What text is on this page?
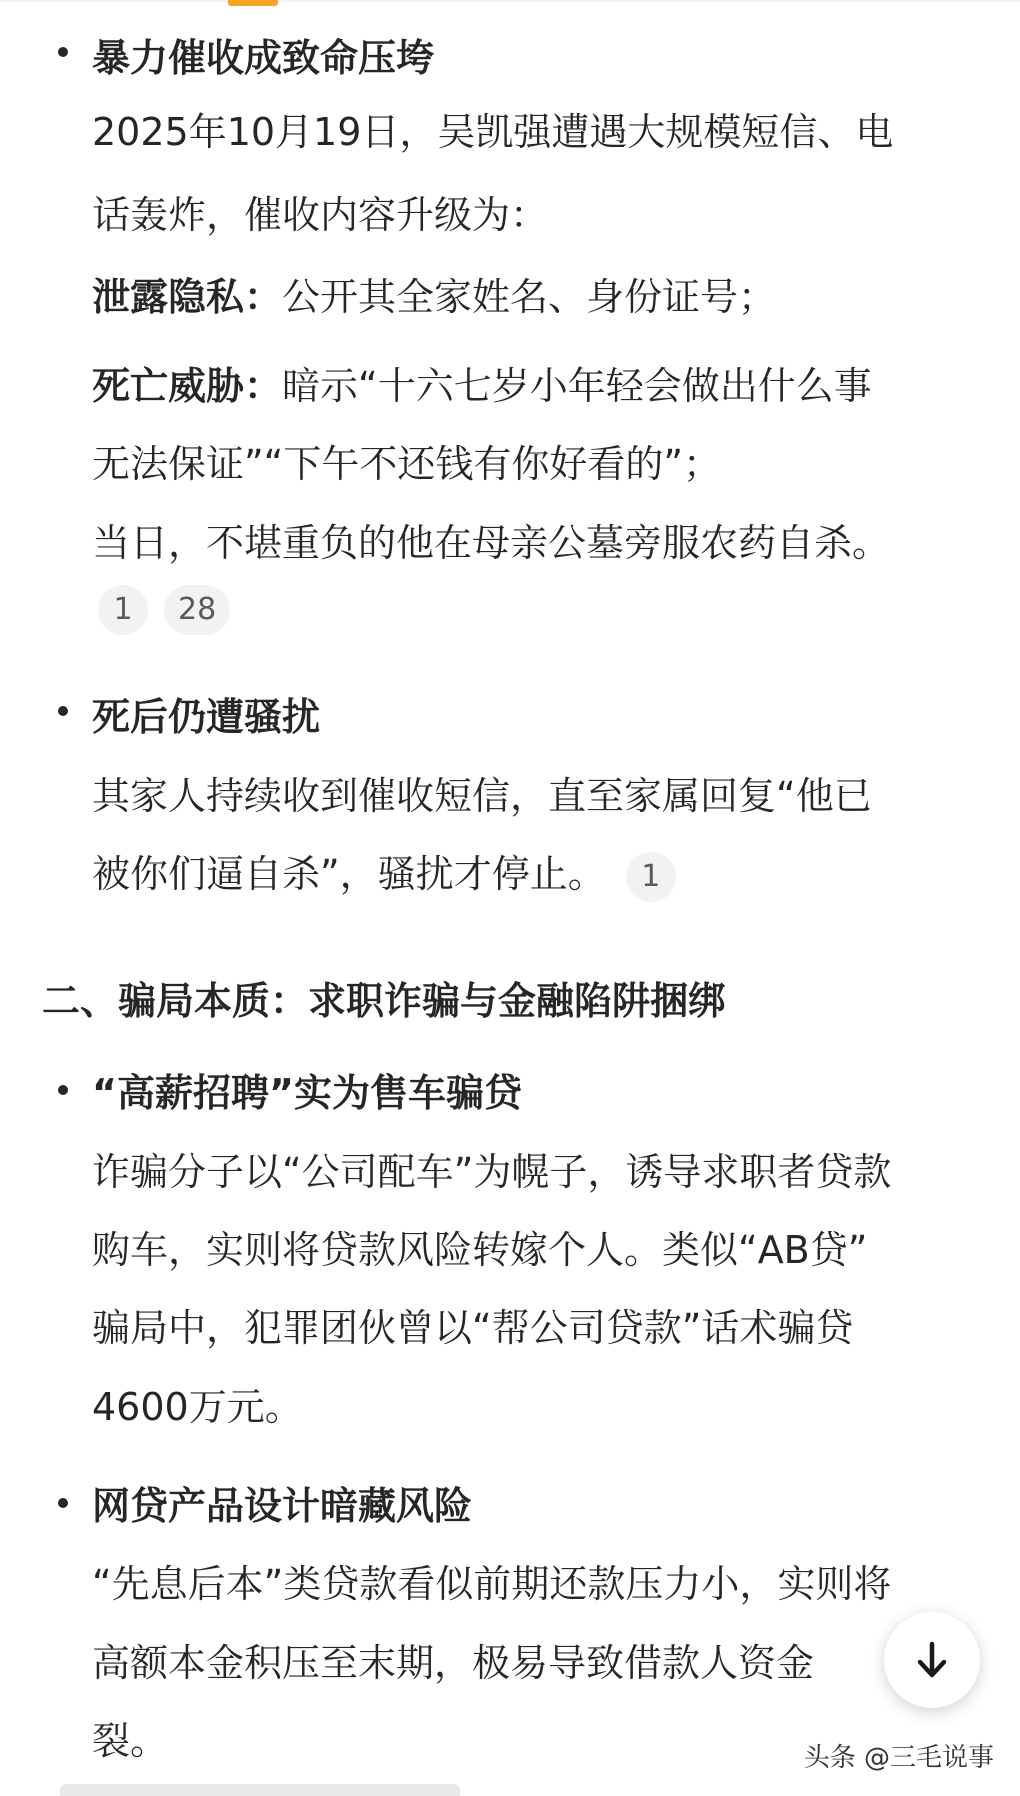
暴力催收成致命压垮
2025年10月19日，吴凯强遭遇大规模短信、电
话轰炸，催收内容升级为：
泄露隐私：公开其全家姓名、身份证号；
死亡威胁：暗示“十六七岁小年轻会做出什么事
无法保证”“下午不还钱有你好看的”；
当日，不堪重负的他在母亲公墓旁服农药自杀。
1 28
死后仍遭骚扰
其家人持续收到催收短信，直至家属回复“他已
被你们逼自杀”，骚扰才停止。 1
二、骗局本质：求职诈骗与金融陷阱捆绑
“高薪招聘”实为售车骗贷
诈骗分子以“公司配车”为幌子，诱导求职者贷款
购车，实则将贷款风险转嫁个人。类似“AB贷”
骗局中，犯罪团伙曾以“帮公司贷款”话术骗贷
4600万元。
网贷产品设计暗藏风险
“先息后本”类贷款看似前期还款压力小，实则将
高额本金积压至末期，极易导致借款人资金
裂。	头条 @三毛说事
